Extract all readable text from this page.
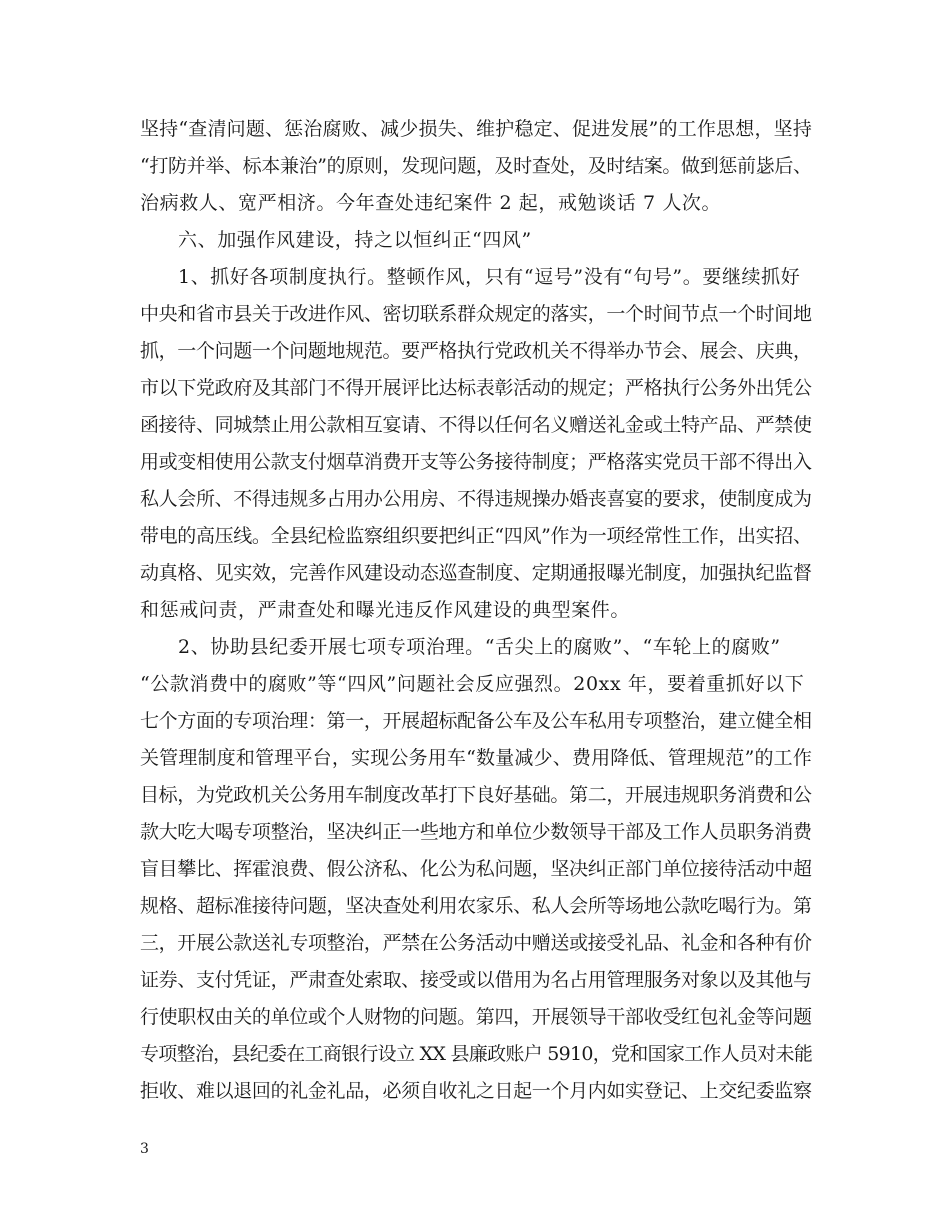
坚持“查清问题、惩治腐败、减少损失、维护稳定、促进发展”的工作思想，坚持
“打防并举、标本兼治”的原则，发现问题，及时查处，及时结案。做到惩前毖后、
治病救人、宽严相济。今年查处违纪案件 2 起，戒勉谈话 7 人次。
六、加强作风建设，持之以恒纠正“四风”
1、抓好各项制度执行。整顿作风，只有“逗号”没有“句号”。要继续抓好
中央和省市县关于改进作风、密切联系群众规定的落实，一个时间节点一个时间地
抓，一个问题一个问题地规范。要严格执行党政机关不得举办节会、展会、庆典，
市以下党政府及其部门不得开展评比达标表彰活动的规定；严格执行公务外出凭公
函接待、同城禁止用公款相互宴请、不得以任何名义赠送礼金或土特产品、严禁使
用或变相使用公款支付烟草消费开支等公务接待制度；严格落实党员干部不得出入
私人会所、不得违规多占用办公用房、不得违规操办婚丧喜宴的要求，使制度成为
带电的高压线。全县纪检监察组织要把纠正“四风”作为一项经常性工作，出实招、
动真格、见实效，完善作风建设动态巡查制度、定期通报曝光制度，加强执纪监督
和惩戒问责，严肃查处和曝光违反作风建设的典型案件。
2、协助县纪委开展七项专项治理。“舌尖上的腐败”、“车轮上的腐败”
“公款消费中的腐败”等“四风”问题社会反应强烈。20xx 年，要着重抓好以下
七个方面的专项治理：第一，开展超标配备公车及公车私用专项整治，建立健全相
关管理制度和管理平台，实现公务用车“数量减少、费用降低、管理规范”的工作
目标，为党政机关公务用车制度改革打下良好基础。第二，开展违规职务消费和公
款大吃大喝专项整治，坚决纠正一些地方和单位少数领导干部及工作人员职务消费
盲目攀比、挥霍浪费、假公济私、化公为私问题，坚决纠正部门单位接待活动中超
规格、超标准接待问题，坚决查处利用农家乐、私人会所等场地公款吃喝行为。第
三，开展公款送礼专项整治，严禁在公务活动中赠送或接受礼品、礼金和各种有价
证券、支付凭证，严肃查处索取、接受或以借用为名占用管理服务对象以及其他与
行使职权由关的单位或个人财物的问题。第四，开展领导干部收受红包礼金等问题
专项整治，县纪委在工商银行设立 XX 县廉政账户 5910，党和国家工作人员对未能
拒收、难以退回的礼金礼品，必须自收礼之日起一个月内如实登记、上交纪委监察
3
